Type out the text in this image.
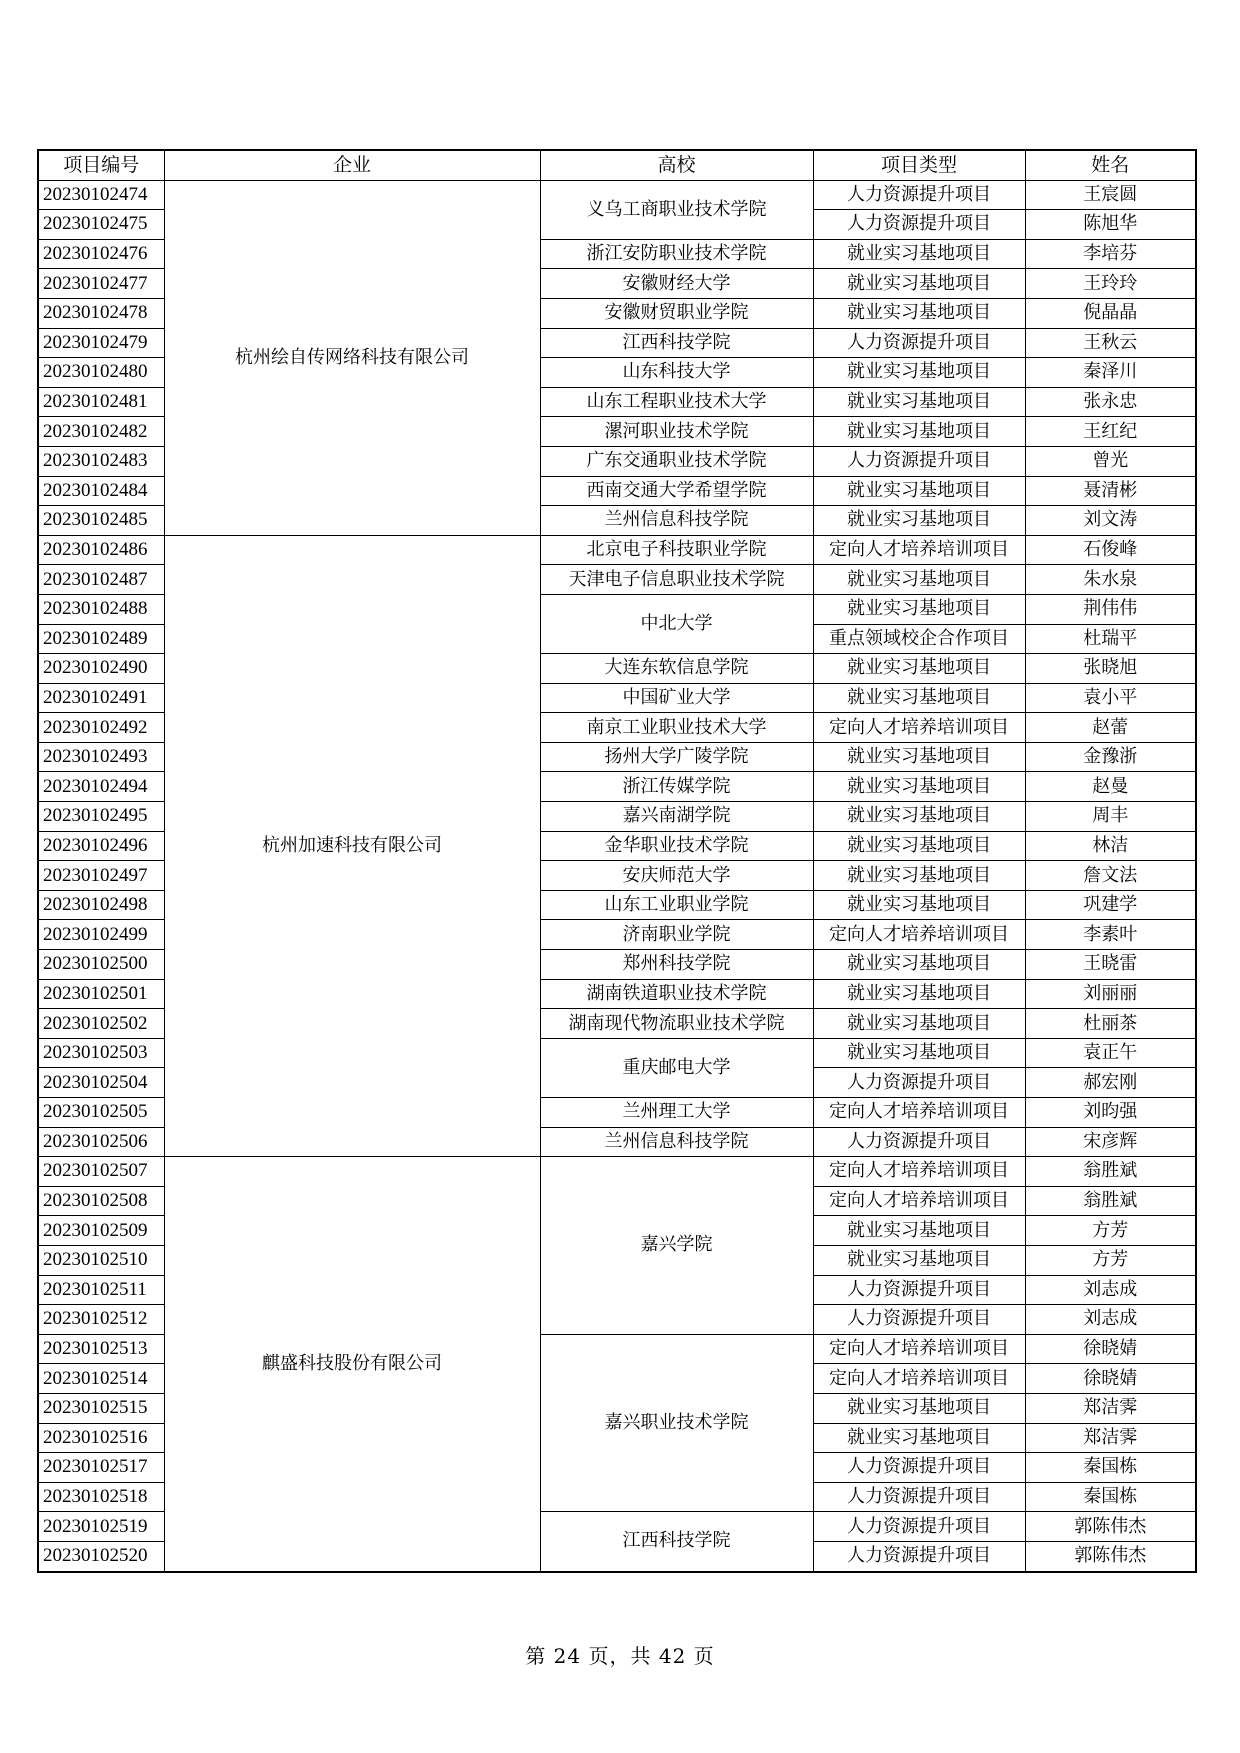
项目编号	企业	高校	项目类型	姓名
20230102474	杭州绘自传网络科技有限公司	义乌工商职业技术学院	人力资源提升项目	王宸圆
20230102475			人力资源提升项目	陈旭华
20230102476		浙江安防职业技术学院	就业实习基地项目	李培芬
20230102477		安徽财经大学	就业实习基地项目	王玲玲
20230102478		安徽财贸职业学院	就业实习基地项目	倪晶晶
20230102479		江西科技学院	人力资源提升项目	王秋云
20230102480		山东科技大学	就业实习基地项目	秦泽川
20230102481		山东工程职业技术大学	就业实习基地项目	张永忠
20230102482		漯河职业技术学院	就业实习基地项目	王红纪
20230102483		广东交通职业技术学院	人力资源提升项目	曾光
20230102484		西南交通大学希望学院	就业实习基地项目	聂清彬
20230102485		兰州信息科技学院	就业实习基地项目	刘文涛
20230102486	杭州加速科技有限公司	北京电子科技职业学院	定向人才培养培训项目	石俊峰
20230102487		天津电子信息职业技术学院	就业实习基地项目	朱水泉
20230102488		中北大学	就业实习基地项目	荆伟伟
20230102489			重点领域校企合作项目	杜瑞平
20230102490		大连东软信息学院	就业实习基地项目	张晓旭
20230102491		中国矿业大学	就业实习基地项目	袁小平
20230102492		南京工业职业技术大学	定向人才培养培训项目	赵蕾
20230102493		扬州大学广陵学院	就业实习基地项目	金豫浙
20230102494		浙江传媒学院	就业实习基地项目	赵曼
20230102495		嘉兴南湖学院	就业实习基地项目	周丰
20230102496		金华职业技术学院	就业实习基地项目	林洁
20230102497		安庆师范大学	就业实习基地项目	詹文法
20230102498		山东工业职业学院	就业实习基地项目	巩建学
20230102499		济南职业学院	定向人才培养培训项目	李素叶
20230102500		郑州科技学院	就业实习基地项目	王晓雷
20230102501		湖南铁道职业技术学院	就业实习基地项目	刘丽丽
20230102502		湖南现代物流职业技术学院	就业实习基地项目	杜丽茶
20230102503		重庆邮电大学	就业实习基地项目	袁正午
20230102504			人力资源提升项目	郝宏刚
20230102505		兰州理工大学	定向人才培养培训项目	刘昀强
20230102506		兰州信息科技学院	人力资源提升项目	宋彦辉
20230102507	麒盛科技股份有限公司	嘉兴学院	定向人才培养培训项目	翁胜斌
20230102508			定向人才培养培训项目	翁胜斌
20230102509			就业实习基地项目	方芳
20230102510			就业实习基地项目	方芳
20230102511			人力资源提升项目	刘志成
20230102512			人力资源提升项目	刘志成
20230102513		嘉兴职业技术学院	定向人才培养培训项目	徐晓婧
20230102514			定向人才培养培训项目	徐晓婧
20230102515			就业实习基地项目	郑洁霁
20230102516			就业实习基地项目	郑洁霁
20230102517			人力资源提升项目	秦国栋
20230102518			人力资源提升项目	秦国栋
20230102519		江西科技学院	人力资源提升项目	郭陈伟杰
20230102520			人力资源提升项目	郭陈伟杰
第 24 页，共 42 页
